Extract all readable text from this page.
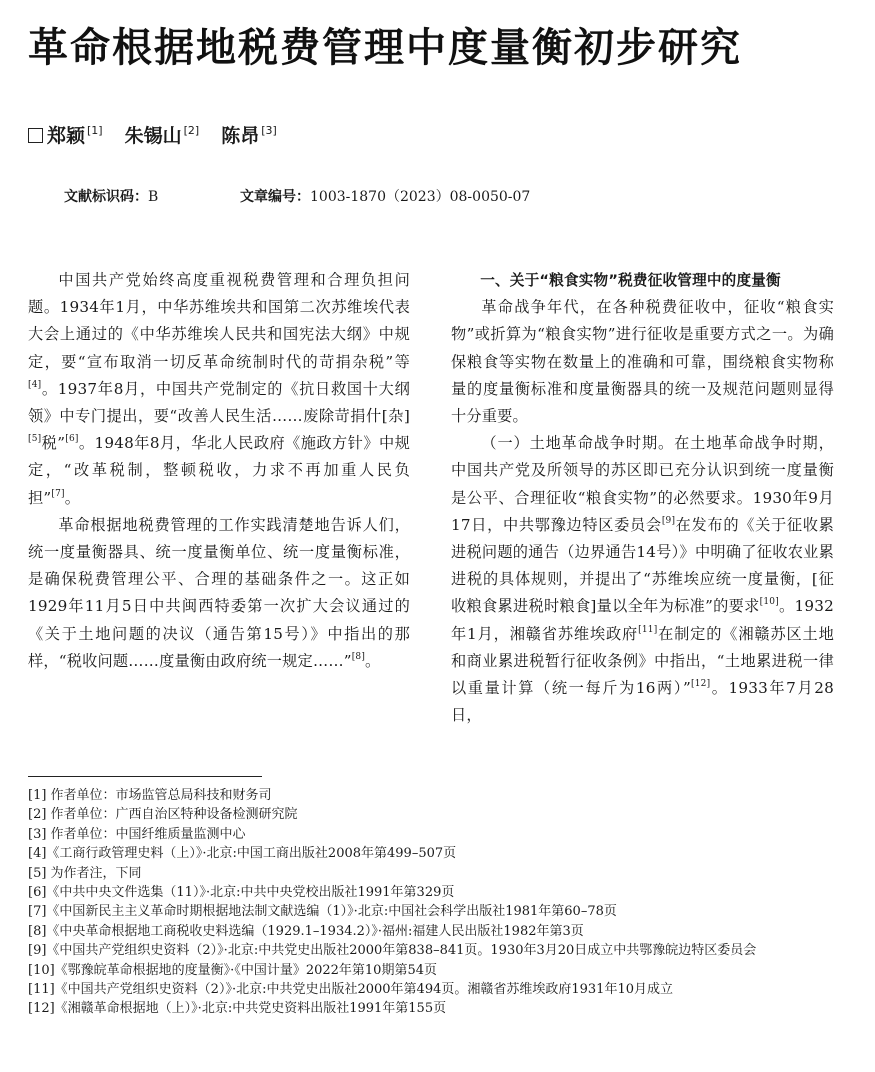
革命根据地税费管理中度量衡初步研究
郑颖 [1] 朱锡山 [2] 陈昂 [3]
文献标识码：B	文章编号：1003-1870（2023）08-0050-07

中国共产党始终高度重视税费管理和合理负担问题。1934年1月，中华苏维埃共和国第二次苏维埃代表大会上通过的《中华苏维埃人民共和国宪法大纲》中规定，要“宣布取消一切反革命统制时代的苛捐杂税”等[4]。1937年8月，中国共产党制定的《抗日救国十大纲领》中专门提出，要“改善人民生活……废除苛捐什[杂][5]税”[6]。1948年8月，华北人民政府《施政方针》中规定，“改革税制，整顿税收，力求不再加重人民负担”[7]。

革命根据地税费管理的工作实践清楚地告诉人们，统一度量衡器具、统一度量衡单位、统一度量衡标准，是确保税费管理公平、合理的基础条件之一。这正如1929年11月5日中共闽西特委第一次扩大会议通过的《关于土地问题的决议（通告第15号）》中指出的那样，“税收问题……度量衡由政府统一规定……”[8]。

一、关于“粮食实物”税费征收管理中的度量衡

革命战争年代，在各种税费征收中，征收“粮食实物”或折算为“粮食实物”进行征收是重要方式之一。为确保粮食等实物在数量上的准确和可靠，围绕粮食实物称量的度量衡标准和度量衡器具的统一及规范问题则显得十分重要。

（一）土地革命战争时期。在土地革命战争时期，中国共产党及所领导的苏区即已充分认识到统一度量衡是公平、合理征收“粮食实物”的必然要求。1930年9月17日，中共鄂豫边特区委员会[9]在发布的《关于征收累进税问题的通告（边界通告14号）》中明确了征收农业累进税的具体规则，并提出了“苏维埃应统一度量衡，[征收粮食累进税时粮食]量以全年为标准”的要求[10]。1932年1月，湘赣省苏维埃政府[11]在制定的《湘赣苏区土地和商业累进税暂行征收条例》中指出，“土地累进税一律以重量计算（统一每斤为16两）”[12]。1933年7月28日，

[1] 作者单位：市场监管总局科技和财务司
[2] 作者单位：广西自治区特种设备检测研究院
[3] 作者单位：中国纤维质量监测中心
[4]《工商行政管理史料（上）》·北京:中国工商出版社2008年第499–507页
[5] 为作者注，下同
[6]《中共中央文件选集（11）》·北京:中共中央党校出版社1991年第329页
[7]《中国新民主主义革命时期根据地法制文献选编（1）》·北京:中国社会科学出版社1981年第60–78页
[8]《中央革命根据地工商税收史料选编（1929.1–1934.2）》·福州:福建人民出版社1982年第3页
[9]《中国共产党组织史资料（2）》·北京:中共党史出版社2000年第838–841页。1930年3月20日成立中共鄂豫皖边特区委员会
[10]《鄂豫皖革命根据地的度量衡》·《中国计量》2022年第10期第54页
[11]《中国共产党组织史资料（2）》·北京:中共党史出版社2000年第494页。湘赣省苏维埃政府1931年10月成立
[12]《湘赣革命根据地（上）》·北京:中共党史资料出版社1991年第155页
